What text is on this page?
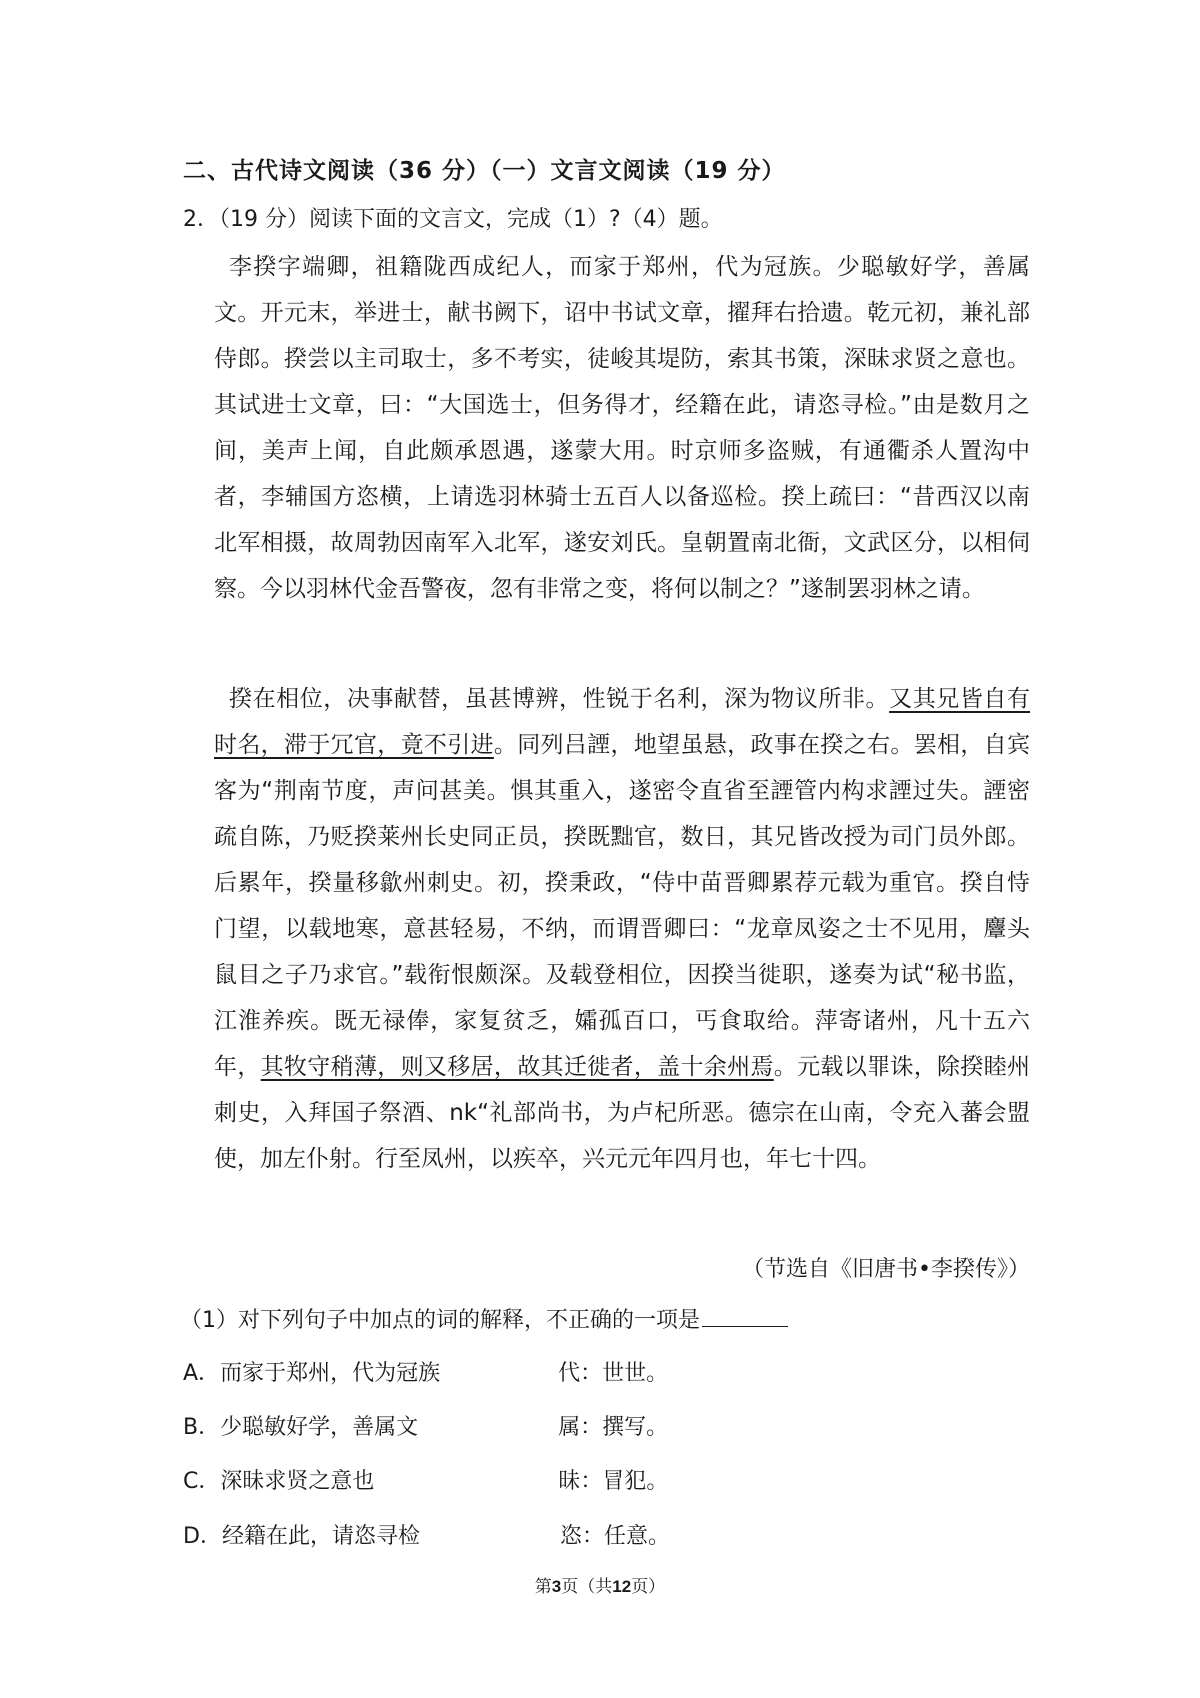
二、古代诗文阅读（36 分）（一）文言文阅读（19 分）
2．（19 分）阅读下面的文言文，完成（1）﻿?（4）题。

李揆字端卿，祖籍陇西成纪人，而家于郑州，代为冠族。少聪敏好学，善属文。开元末，举进士，献书阙下，诏中书试文章，擢拜右拾遗。乾元初，兼礼部侍郎。揆尝以主司取士，多不考实，徒峻其堤防，索其书策，深昧求贤之意也。其试进士文章，曰：“大国选士，但务得才，经籍在此，请恣寻检。”由是数月之间，美声上闻，自此颇承恩遇，遂蒙大用。时京师多盗贼，有通衢杀人置沟中者，李辅国方恣横，上请选羽林骑士五百人以备巡检。揆上疏曰：“昔西汉以南北军相摄，故周勃因南军入北军，遂安刘氏。皇朝置南北衙，文武区分，以相伺察。今以羽林代金吾警夜，忽有非常之变，将何以制之？”遂制罢羽林之请。

揆在相位，决事献替，虽甚博辨，性锐于名利，深为物议所非。又其兄皆自有时名，滞于冗官，竟不引进。同列吕諲，地望虽悬，政事在揆之右。罢相，自宾客为“荆南节度，声问甚美。惧其重入，遂密令直省至諲管内构求諲过失。諲密疏自陈，乃贬揆莱州长史同正员，揆既黜官，数日，其兄皆改授为司门员外郎。后累年，揆量移歙州刺史。初，揆秉政，“侍中苗晋卿累荐元载为重官。揆自恃门望，以载地寒，意甚轻易，不纳，而谓晋卿曰：“龙章凤姿之士不见用，麞头鼠目之子乃求官。”载衔恨颇深。及载登相位，因揆当徙职，遂奏为试“秘书监，江淮养疾。既无禄俸，家复贫乏，孀孤百口，丐食取给。萍寄诸州，凡十五六年，其牧守稍薄，则又移居，故其迁徙者，盖十余州焉。元载以罪诛，除揆睦州刺史，入拜国子祭酒、nk“礼部尚书，为卢杞所恶。德宗在山南，令充入蕃会盟使，加左仆射。行至凤州，以疾卒，兴元元年四月也，年七十四。

（节选自《旧唐书•李揆传》）
（1）对下列句子中加点的词的解释，不正确的一项是
A．而家于郑州，代为冠族	代：世世。
B．少聪敏好学，善属文	属：撰写。
C．深昧求贤之意也	昧：冒犯。
D．经籍在此，请恣寻检	恣：任意。
第3页（共12页）
